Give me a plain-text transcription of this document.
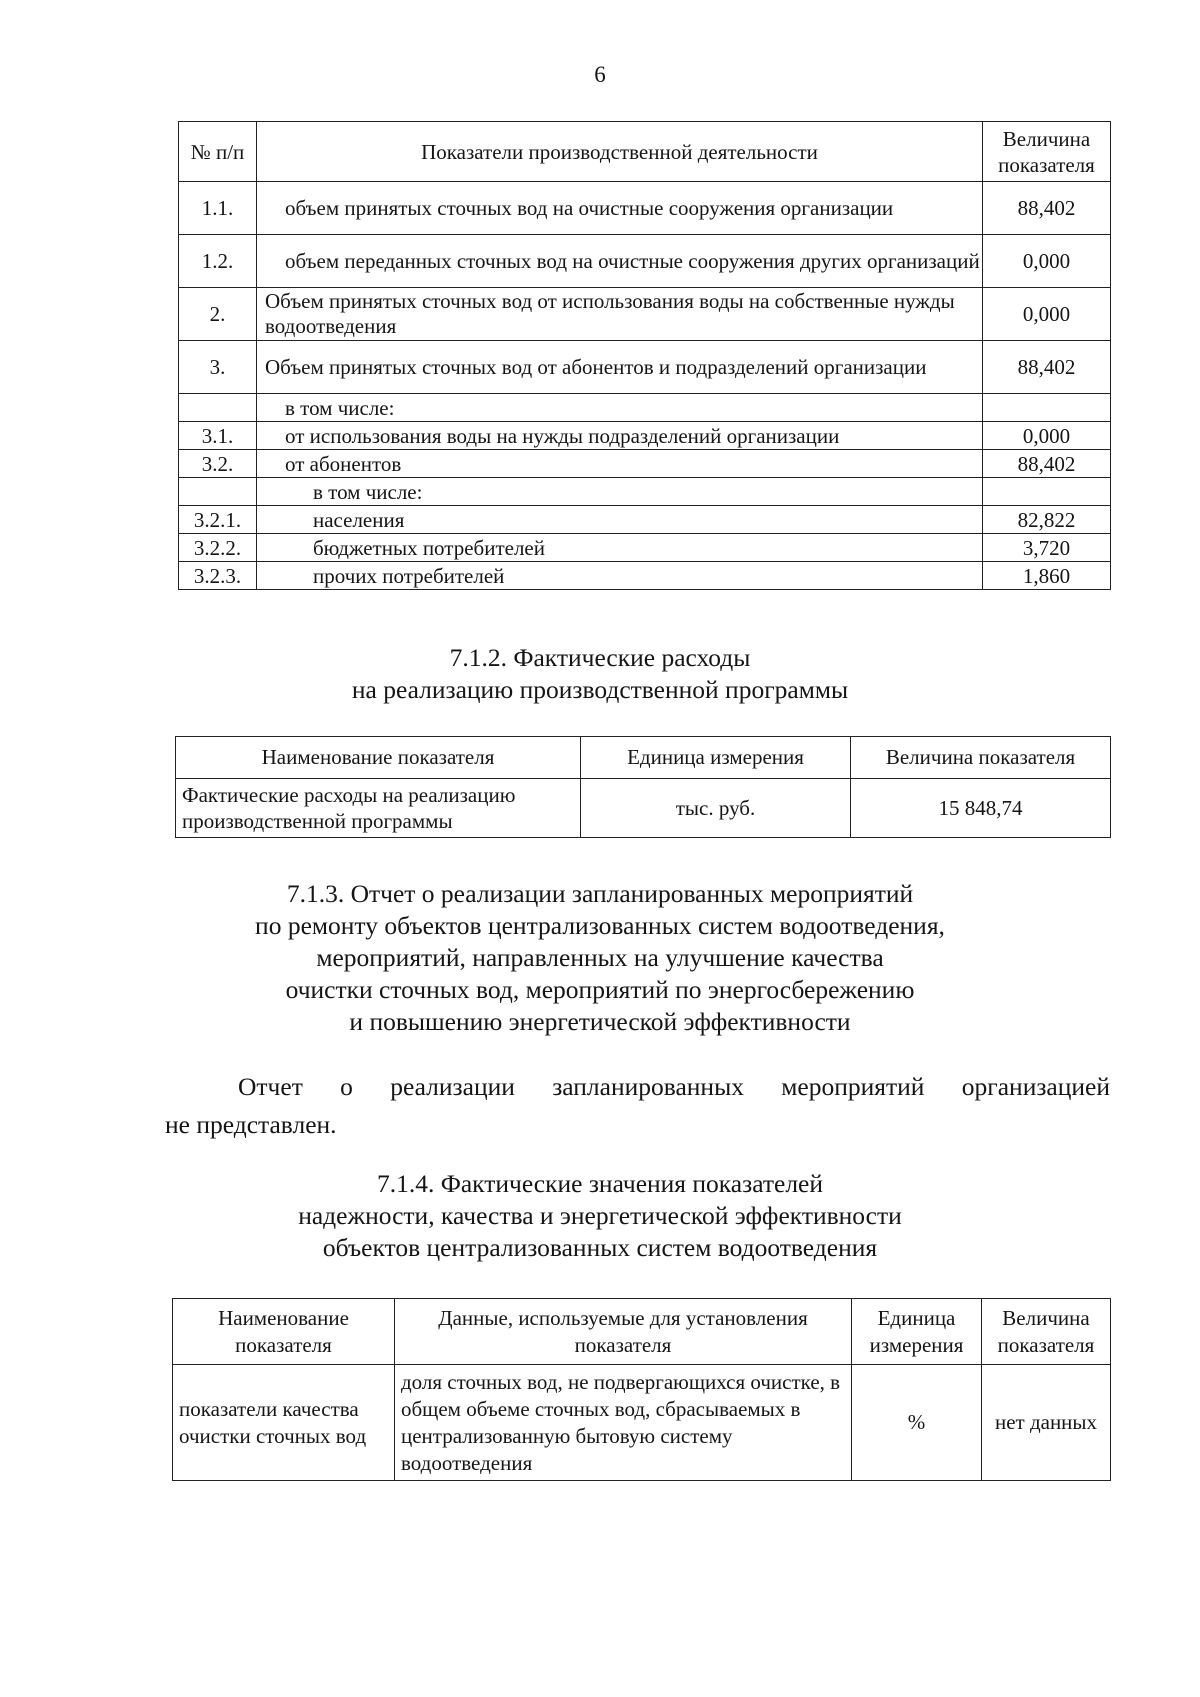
6
№ п/п	Показатели производственной деятельности	Величина показателя
1.1.	объем принятых сточных вод на очистные сооружения организации	88,402
1.2.	объем переданных сточных вод на очистные сооружения других организаций	0,000
2.	Объем принятых сточных вод от использования воды на собственные нужды водоотведения	0,000
3.	Объем принятых сточных вод от абонентов и подразделений организации	88,402
	в том числе:	
3.1.	от использования воды на нужды подразделений организации	0,000
3.2.	от абонентов	88,402
	в том числе:	
3.2.1.	населения	82,822
3.2.2.	бюджетных потребителей	3,720
3.2.3.	прочих потребителей	1,860
7.1.2. Фактические расходы
на реализацию производственной программы
Наименование показателя	Единица измерения	Величина показателя
Фактические расходы на реализацию производственной программы	тыс. руб.	15 848,74
7.1.3. Отчет о реализации запланированных мероприятий
по ремонту объектов централизованных систем водоотведения,
мероприятий, направленных на улучшение качества
очистки сточных вод, мероприятий по энергосбережению
и повышению энергетической эффективности
Отчет о реализации запланированных мероприятий организацией
не представлен.
7.1.4. Фактические значения показателей
надежности, качества и энергетической эффективности
объектов централизованных систем водоотведения
Наименование показателя	Данные, используемые для установления показателя	Единица измерения	Величина показателя
показатели качества очистки сточных вод	доля сточных вод, не подвергающихся очистке, в общем объеме сточных вод, сбрасываемых в централизованную бытовую систему водоотведения	%	нет данных
